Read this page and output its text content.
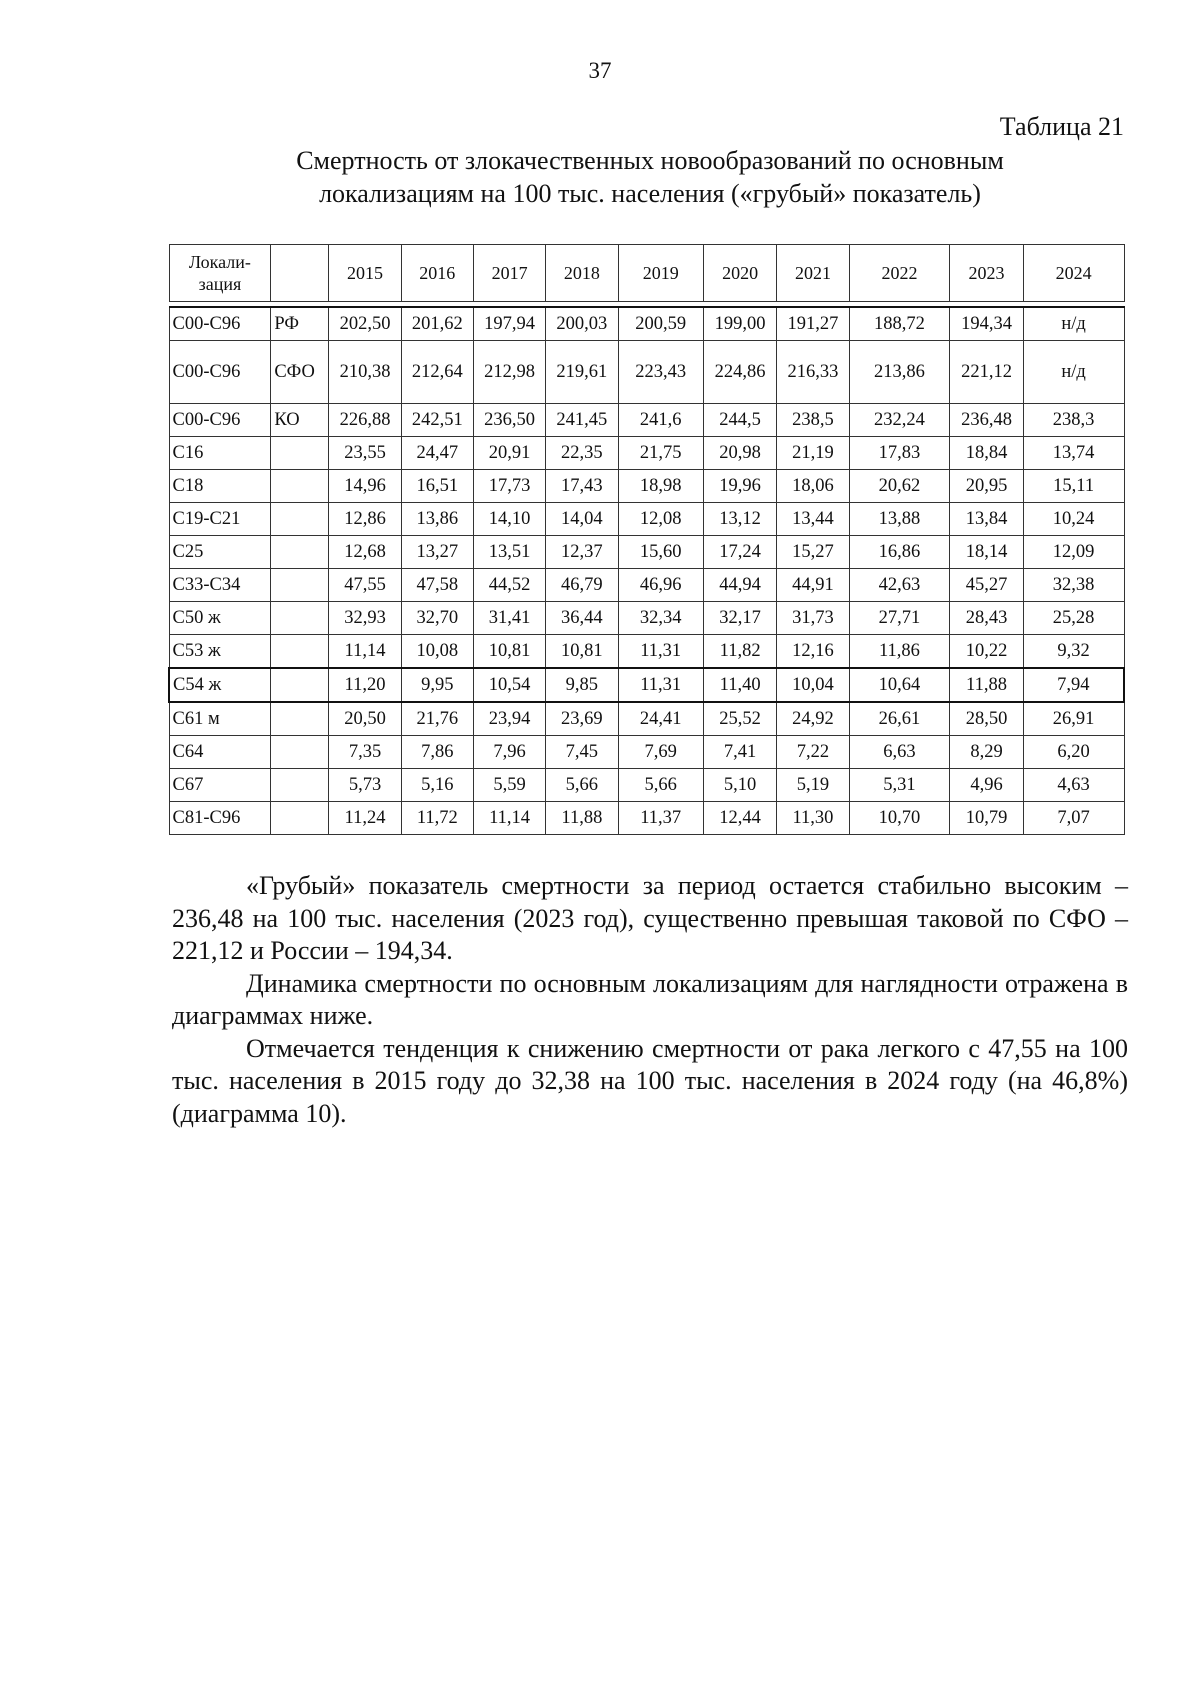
37
Таблица 21
Смертность от злокачественных новообразований по основным
локализациям на 100 тыс. населения («грубый» показатель)
Локали-
зация		2015	2016	2017	2018	2019	2020	2021	2022	2023	2024

С00-С96	РФ	202,50	201,62	197,94	200,03	200,59	199,00	191,27	188,72	194,34	н/д
С00-С96	СФО	210,38	212,64	212,98	219,61	223,43	224,86	216,33	213,86	221,12	н/д
С00-С96	КО	226,88	242,51	236,50	241,45	241,6	244,5	238,5	232,24	236,48	238,3
С16		23,55	24,47	20,91	22,35	21,75	20,98	21,19	17,83	18,84	13,74
С18		14,96	16,51	17,73	17,43	18,98	19,96	18,06	20,62	20,95	15,11
С19-С21		12,86	13,86	14,10	14,04	12,08	13,12	13,44	13,88	13,84	10,24
С25		12,68	13,27	13,51	12,37	15,60	17,24	15,27	16,86	18,14	12,09
С33-С34		47,55	47,58	44,52	46,79	46,96	44,94	44,91	42,63	45,27	32,38
С50 ж		32,93	32,70	31,41	36,44	32,34	32,17	31,73	27,71	28,43	25,28
С53 ж		11,14	10,08	10,81	10,81	11,31	11,82	12,16	11,86	10,22	9,32
С54 ж		11,20	9,95	10,54	9,85	11,31	11,40	10,04	10,64	11,88	7,94
С61 м		20,50	21,76	23,94	23,69	24,41	25,52	24,92	26,61	28,50	26,91
С64		7,35	7,86	7,96	7,45	7,69	7,41	7,22	6,63	8,29	6,20
С67		5,73	5,16	5,59	5,66	5,66	5,10	5,19	5,31	4,96	4,63
С81-С96		11,24	11,72	11,14	11,88	11,37	12,44	11,30	10,70	10,79	7,07

«Грубый» показатель смертности за период остается стабильно высоким – 236,48 на 100 тыс. населения (2023 год), существенно превышая таковой по СФО – 221,12 и России – 194,34.

Динамика смертности по основным локализациям для наглядности отражена в диаграммах ниже.

Отмечается тенденция к снижению смертности от рака легкого с 47,55 на 100 тыс. населения в 2015 году до 32,38 на 100 тыс. населения в 2024 году (на 46,8%) (диаграмма 10).
